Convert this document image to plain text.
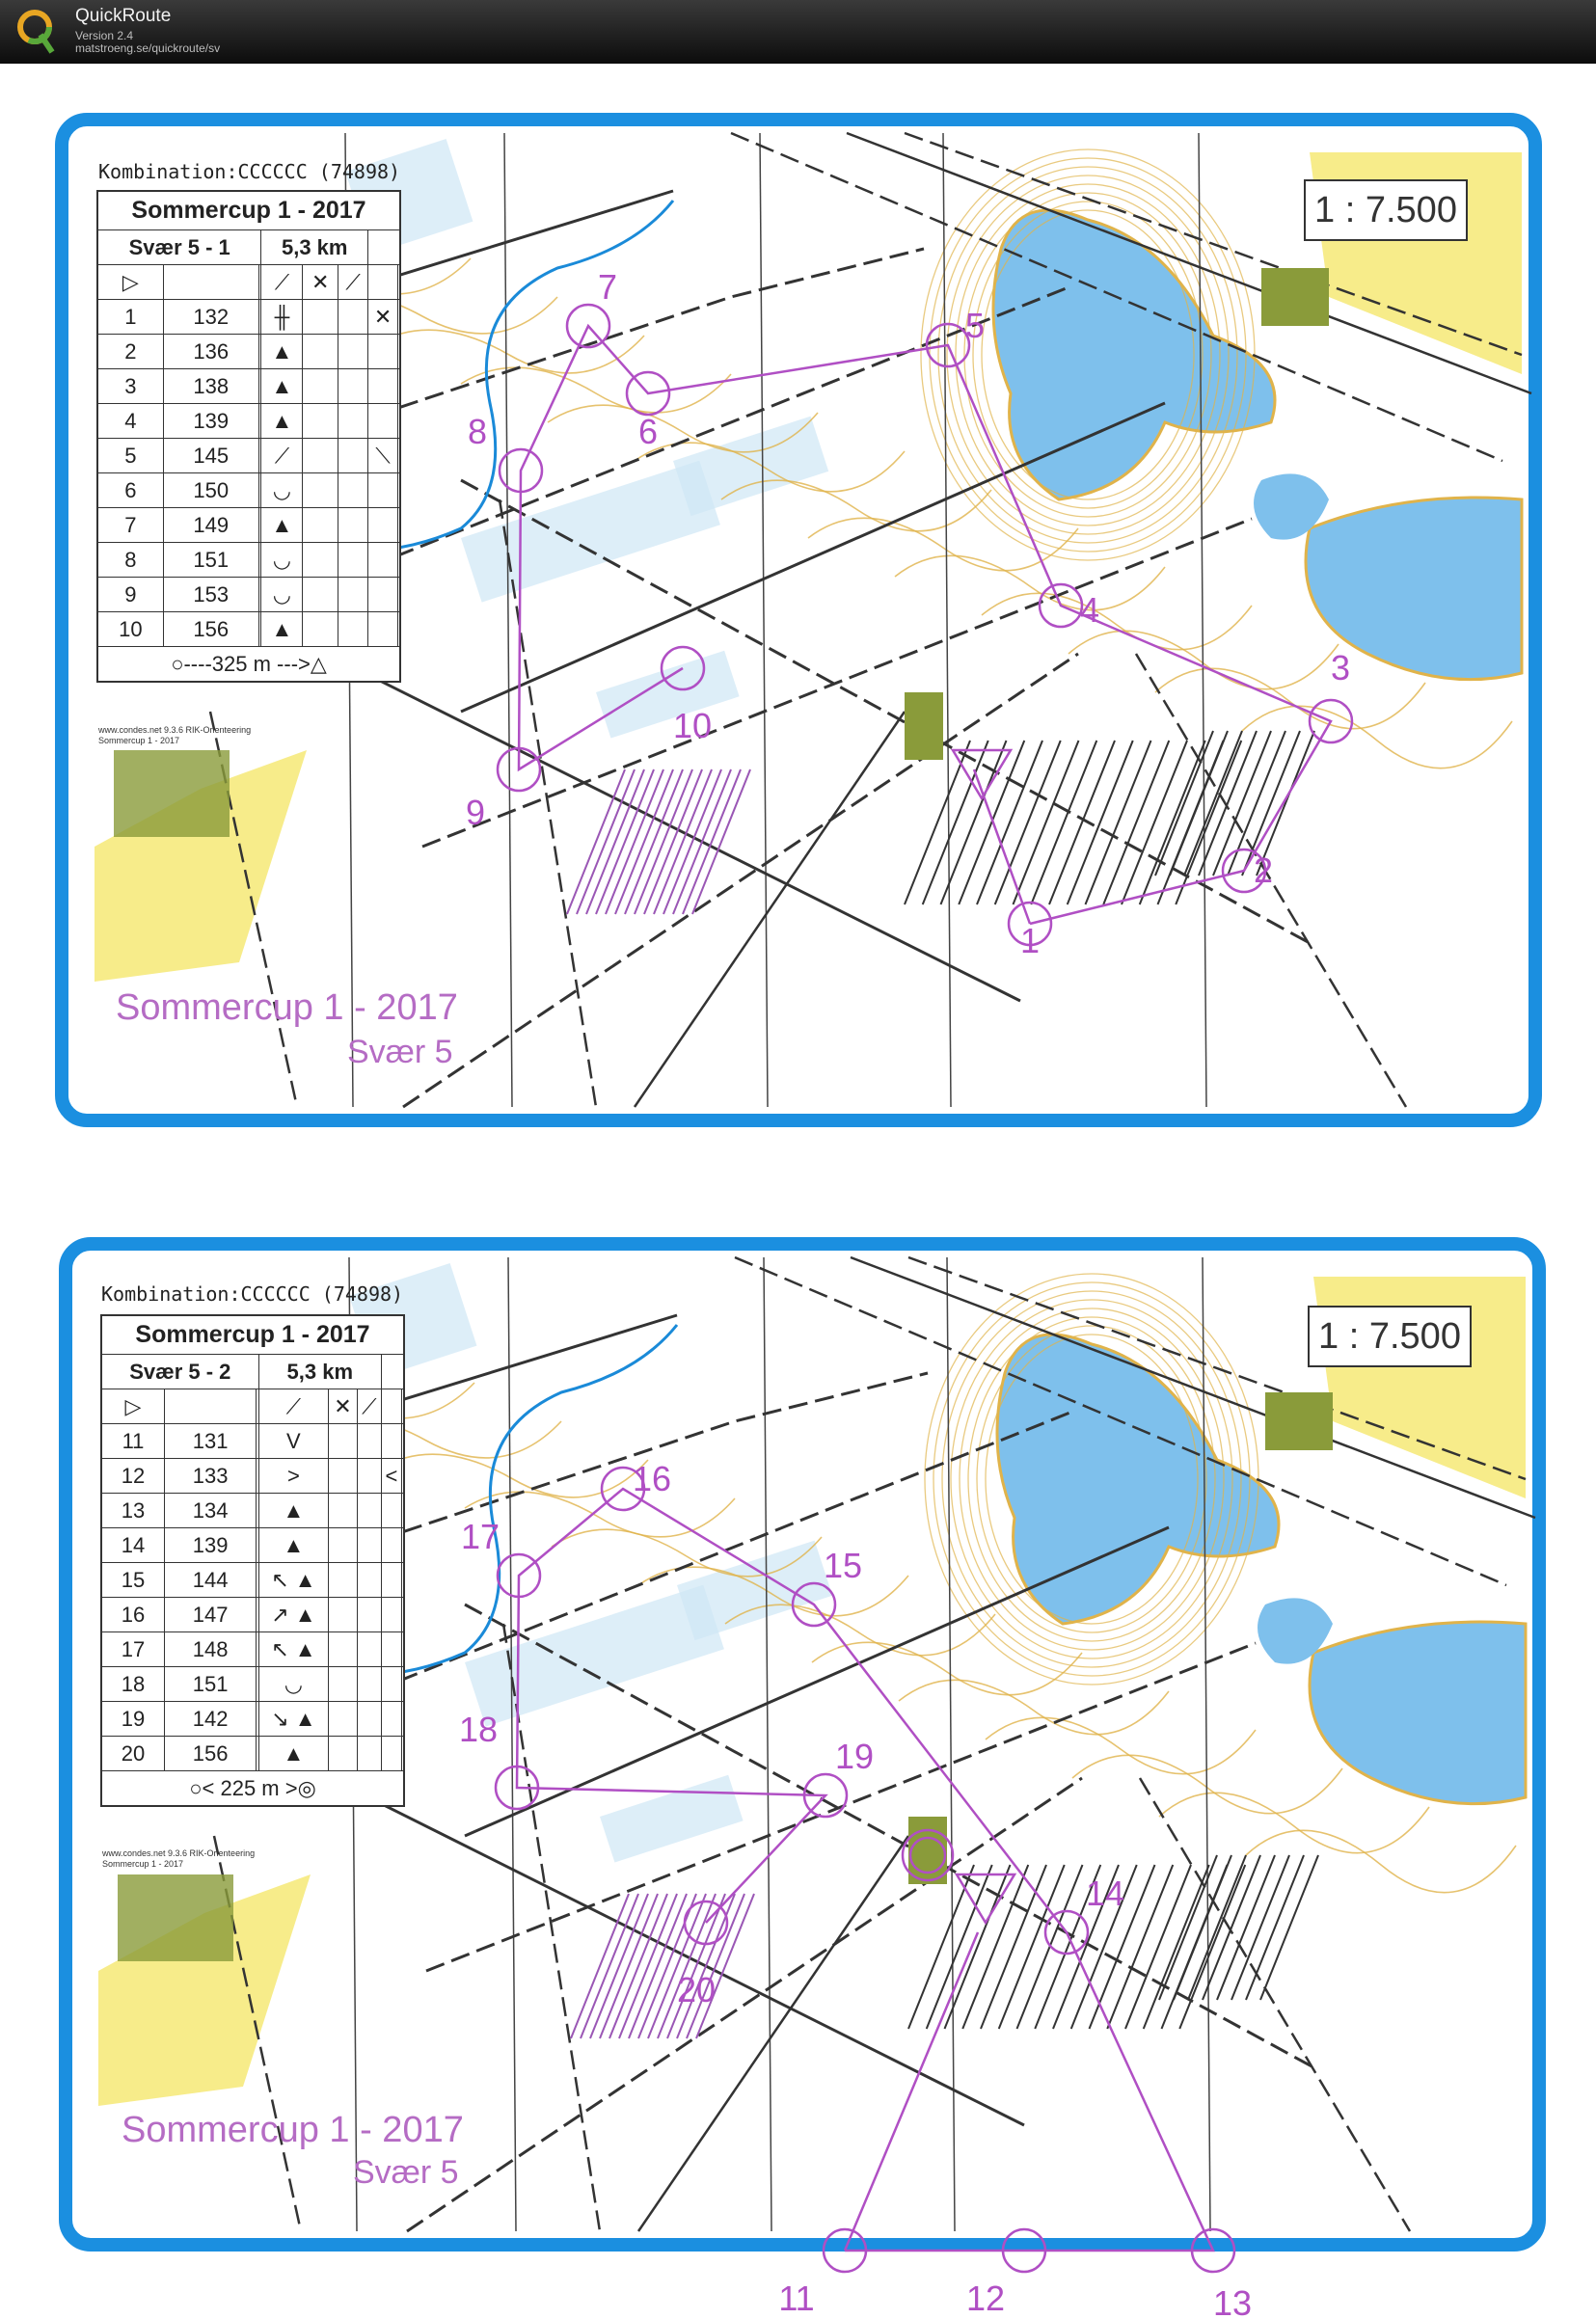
QuickRoute
Version 2.4
matstroeng.se/quickroute/sv
1
2
3
4
5
6
7
8
9
10
11	12	13
14
15
16
17
18
19
20
Kombination:CCCCCC (74898)
1 : 7.500
Sommercup 1 - 2017							
Svær 5 - 1			5,3 km				
▷			⟋	✕	⟋		
1	132		╫			✕	
2	136		▲				
3	138		▲				
4	139		▲				
5	145		⟋			⟍	
6	150		◡				
7	149		▲				
8	151		◡				
9	153		◡				
10	156		▲				
○----325 m --->△							
www.condes.net 9.3.6 RIK-Orienteering
Sommercup 1 - 2017
Sommercup 1 - 2017
Svær 5
Kombination:CCCCCC (74898)
1 : 7.500
Sommercup 1 - 2017							
Svær 5 - 2			5,3 km				
▷			⟋	✕	⟋		
11	131		V				
12	133		>			<	
13	134		▲				
14	139		▲				
15	144		↖ ▲				
16	147		↗ ▲				
17	148		↖ ▲				
18	151		◡				
19	142		↘ ▲				
20	156		▲				
○< 225 m >◎							
www.condes.net 9.3.6 RIK-Orienteering
Sommercup 1 - 2017
Sommercup 1 - 2017
Svær 5
